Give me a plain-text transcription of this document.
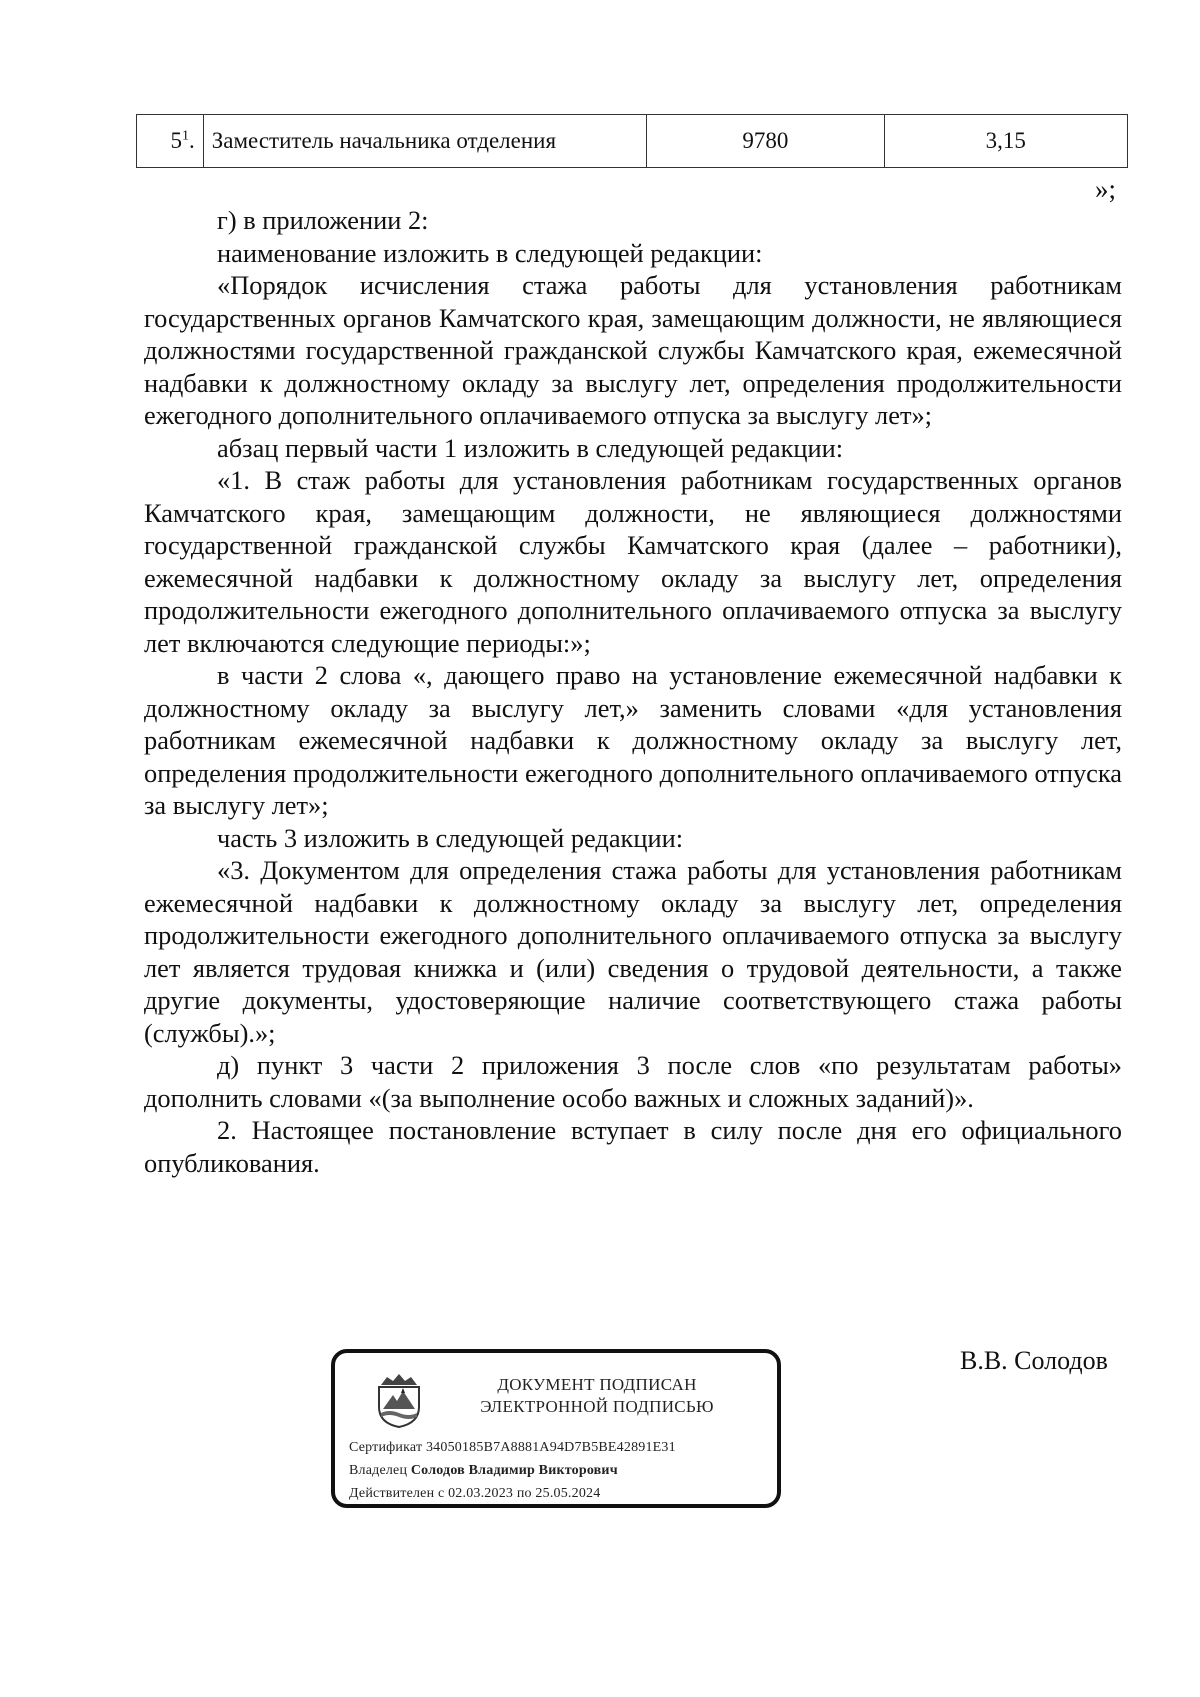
$5^1$.	Заместитель начальника отделения	9780	3,15
»;

г) в приложении 2:

наименование изложить в следующей редакции:

«Порядок исчисления стажа работы для установления работникам государственных органов Камчатского края, замещающим должности, не являющиеся должностями государственной гражданской службы Камчатского края, ежемесячной надбавки к должностному окладу за выслугу лет, определения продолжительности ежегодного дополнительного оплачиваемого отпуска за выслугу лет»;

абзац первый части 1 изложить в следующей редакции:

«1. В стаж работы для установления работникам государственных органов Камчатского края, замещающим должности, не являющиеся должностями государственной гражданской службы Камчатского края (далее – работники), ежемесячной надбавки к должностному окладу за выслугу лет, определения продолжительности ежегодного дополнительного оплачиваемого отпуска за выслугу лет включаются следующие периоды:»;

в части 2 слова «, дающего право на установление ежемесячной надбавки к должностному окладу за выслугу лет,» заменить словами «для установления работникам ежемесячной надбавки к должностному окладу за выслугу лет, определения продолжительности ежегодного дополнительного оплачиваемого отпуска за выслугу лет»;

часть 3 изложить в следующей редакции:

«3. Документом для определения стажа работы для установления работникам ежемесячной надбавки к должностному окладу за выслугу лет, определения продолжительности ежегодного дополнительного оплачиваемого отпуска за выслугу лет является трудовая книжка и (или) сведения о трудовой деятельности, а также другие документы, удостоверяющие наличие соответствующего стажа работы (службы).»;

д) пункт 3 части 2 приложения 3 после слов «по результатам работы» дополнить словами «(за выполнение особо важных и сложных заданий)».

2. Настоящее постановление вступает в силу после дня его официального опубликования.

В.В. Солодов
ДОКУМЕНТ ПОДПИСАН
ЭЛЕКТРОННОЙ ПОДПИСЬЮ
Сертификат 34050185B7A8881A94D7B5BE42891E31
Владелец Солодов Владимир Викторович
Действителен с 02.03.2023 по 25.05.2024
